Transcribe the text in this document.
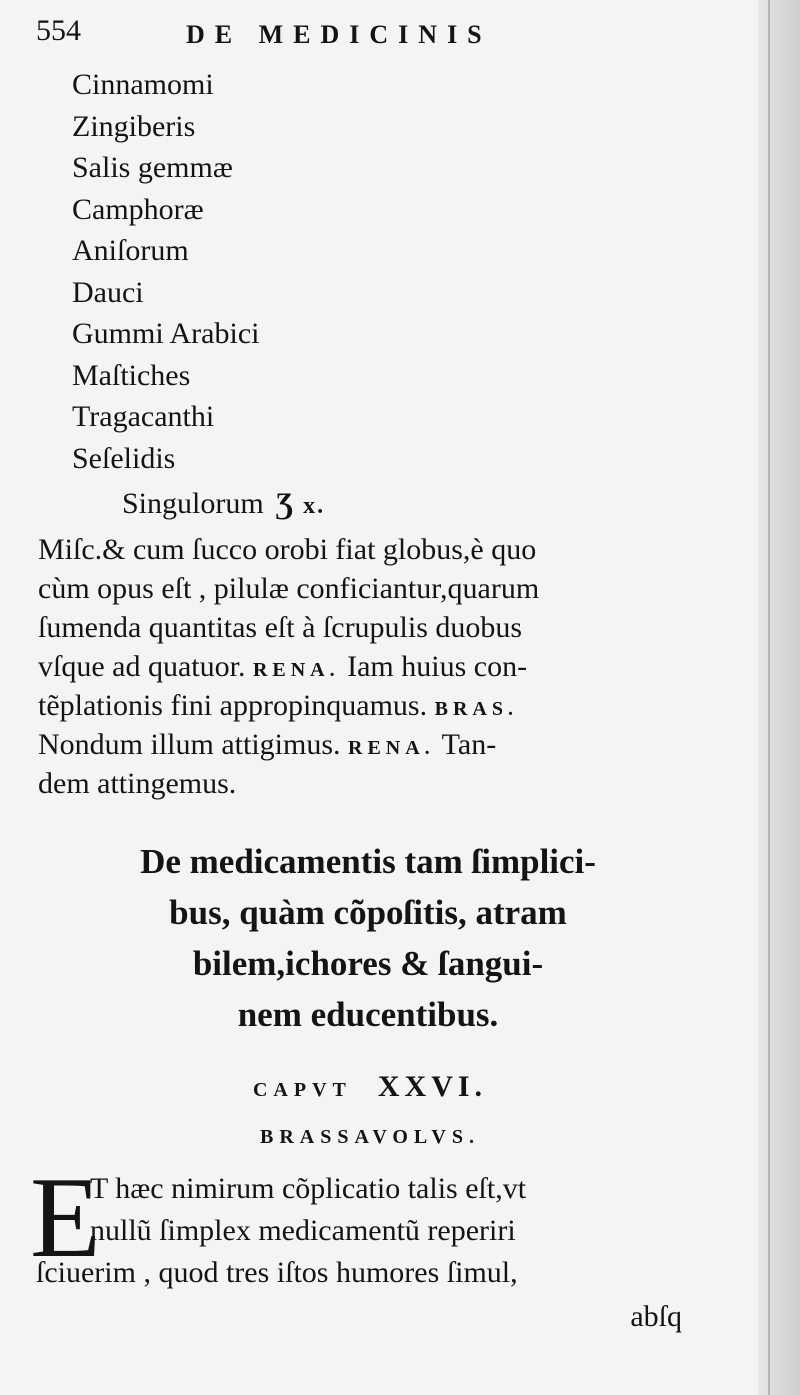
554	DE MEDICINIS
Cinnamomi
Zingiberis
Salis gemmæ
Camphoræ
Aniſorum
Dauci
Gummi Arabici
Maſtiches
Tragacanthi
Seſelidis
Singulorum Ʒ x.
Miſc.& cum ſucco orobi fiat globus,è quo
cùm opus eſt , pilulæ conficiantur,quarum
ſumenda quantitas eſt à ſcrupulis duobus
vſque ad quatuor. RENA. Iam huius con-
tẽplationis fini appropinquamus. BRAS.
Nondum illum attigimus. RENA. Tan-
dem attingemus.
De medicamentis tam ſimplici-
bus, quàm cõpoſitis, atram
bilem,ichores & ſangui-
nem educentibus.
CAPVT XXVI.
BRASSAVOLVS.
E
T hæc nimirum cõplicatio talis eſt,vt
nullũ ſimplex medicamentũ reperiri
ſciuerim , quod tres iſtos humores ſimul,
abſq
